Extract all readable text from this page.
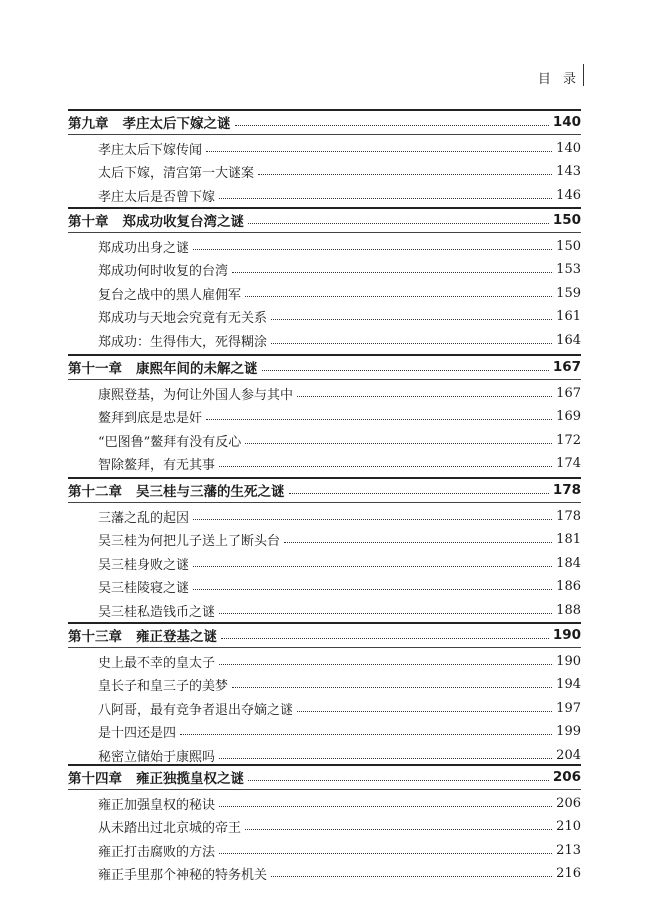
目 录
第九章 孝庄太后下嫁之谜	140
孝庄太后下嫁传闻	140
太后下嫁，清宫第一大谜案	143
孝庄太后是否曾下嫁	146
第十章 郑成功收复台湾之谜	150
郑成功出身之谜	150
郑成功何时收复的台湾	153
复台之战中的黑人雇佣军	159
郑成功与天地会究竟有无关系	161
郑成功：生得伟大，死得糊涂	164
第十一章 康熙年间的未解之谜	167
康熙登基，为何让外国人参与其中	167
鳌拜到底是忠是奸	169
“巴图鲁”鳌拜有没有反心	172
智除鳌拜，有无其事	174
第十二章 吴三桂与三藩的生死之谜	178
三藩之乱的起因	178
吴三桂为何把儿子送上了断头台	181
吴三桂身败之谜	184
吴三桂陵寝之谜	186
吴三桂私造钱币之谜	188
第十三章 雍正登基之谜	190
史上最不幸的皇太子	190
皇长子和皇三子的美梦	194
八阿哥，最有竞争者退出夺嫡之谜	197
是十四还是四	199
秘密立储始于康熙吗	204
第十四章 雍正独揽皇权之谜	206
雍正加强皇权的秘诀	206
从未踏出过北京城的帝王	210
雍正打击腐败的方法	213
雍正手里那个神秘的特务机关	216
